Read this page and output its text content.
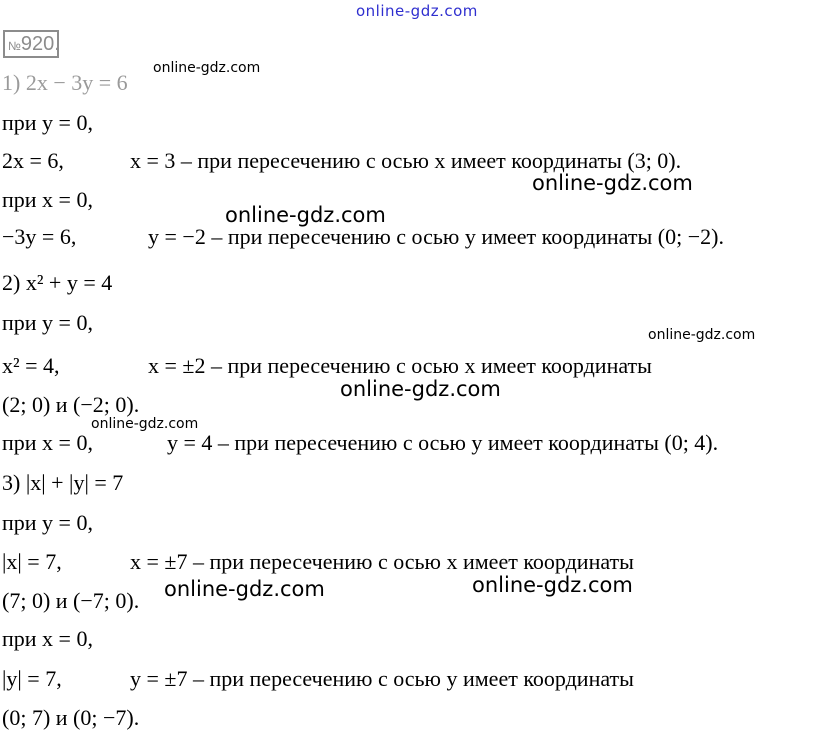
online-gdz.com
№920.
1) 2x − 3y = 6
online-gdz.com
при y = 0,
2x = 6,	x = 3 – при пересечению с осью x имеет координаты (3; 0).
online-gdz.com
при x = 0,
online-gdz.com
−3y = 6,	y = −2 – при пересечению с осью y имеет координаты (0; −2).
2) x² + y = 4
при y = 0,	online-gdz.com
x² = 4,	x = ±2 – при пересечению с осью x имеет координаты
online-gdz.com
(2; 0) и (−2; 0).
online-gdz.com
при x = 0,	y = 4 – при пересечению с осью y имеет координаты (0; 4).
3) |x| + |y| = 7
при y = 0,
|x| = 7,	x = ±7 – при пересечению с осью x имеет координаты
online-gdz.com
online-gdz.com
(7; 0) и (−7; 0).
при x = 0,
|y| = 7,	y = ±7 – при пересечению с осью y имеет координаты
(0; 7) и (0; −7).
